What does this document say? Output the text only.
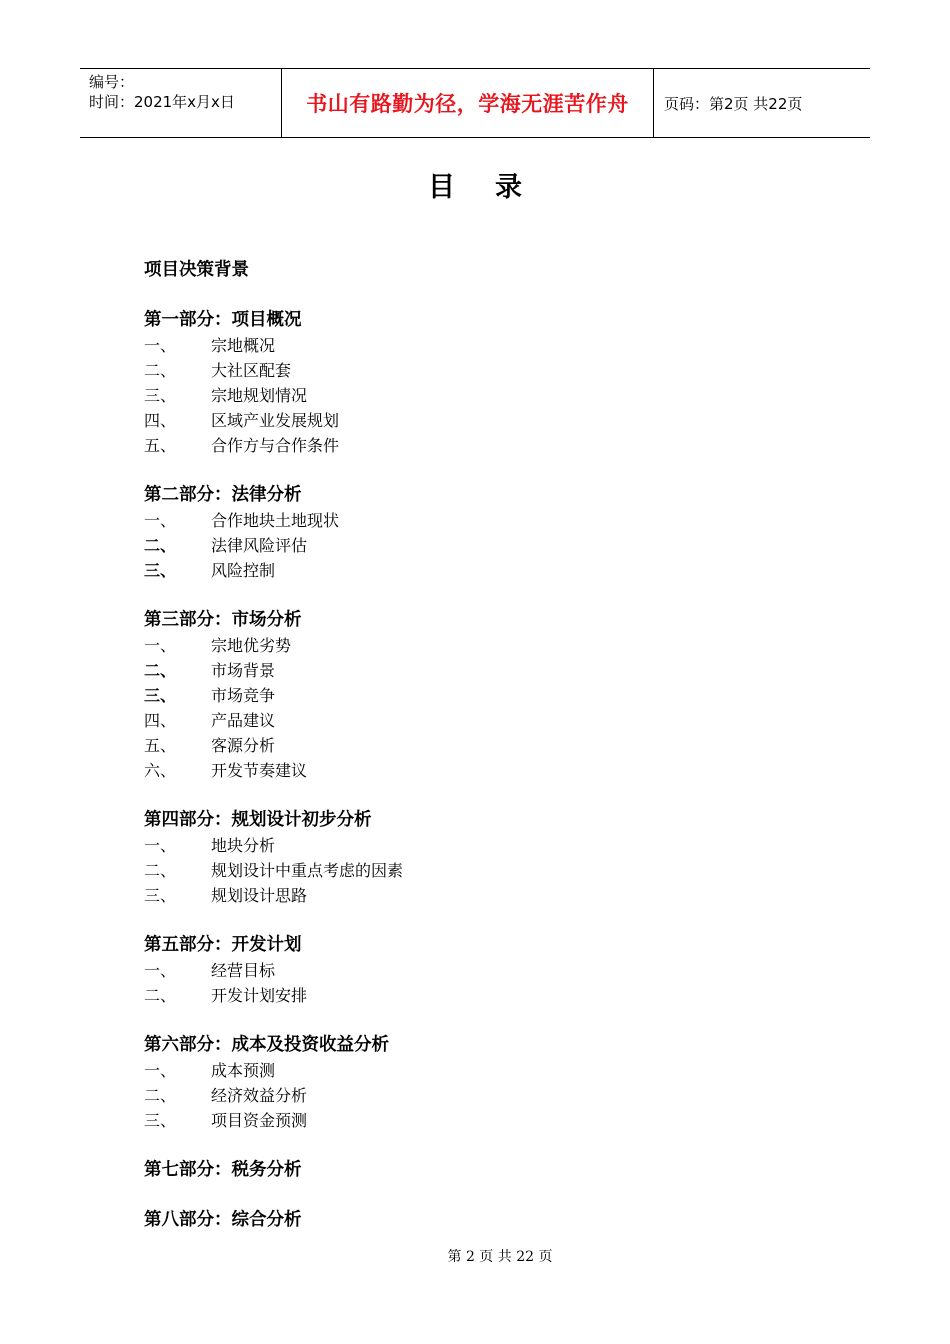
编号：
时间：2021年x月x日	书山有路勤为径，学海无涯苦作舟	页码：第2页 共22页
目录
项目决策背景
第一部分：项目概况
一、	宗地概况
二、	大社区配套
三、	宗地规划情况
四、	区域产业发展规划
五、	合作方与合作条件
第二部分：法律分析
一、	合作地块土地现状
二、	法律风险评估
三、	风险控制
第三部分：市场分析
一、	宗地优劣势
二、	市场背景
三、	市场竞争
四、	产品建议
五、	客源分析
六、	开发节奏建议
第四部分：规划设计初步分析
一、	地块分析
二、	规划设计中重点考虑的因素
三、	规划设计思路
第五部分：开发计划
一、	经营目标
二、	开发计划安排
第六部分：成本及投资收益分析
一、	成本预测
二、	经济效益分析
三、	项目资金预测
第七部分：税务分析
第八部分：综合分析
第 2 页 共 22 页
